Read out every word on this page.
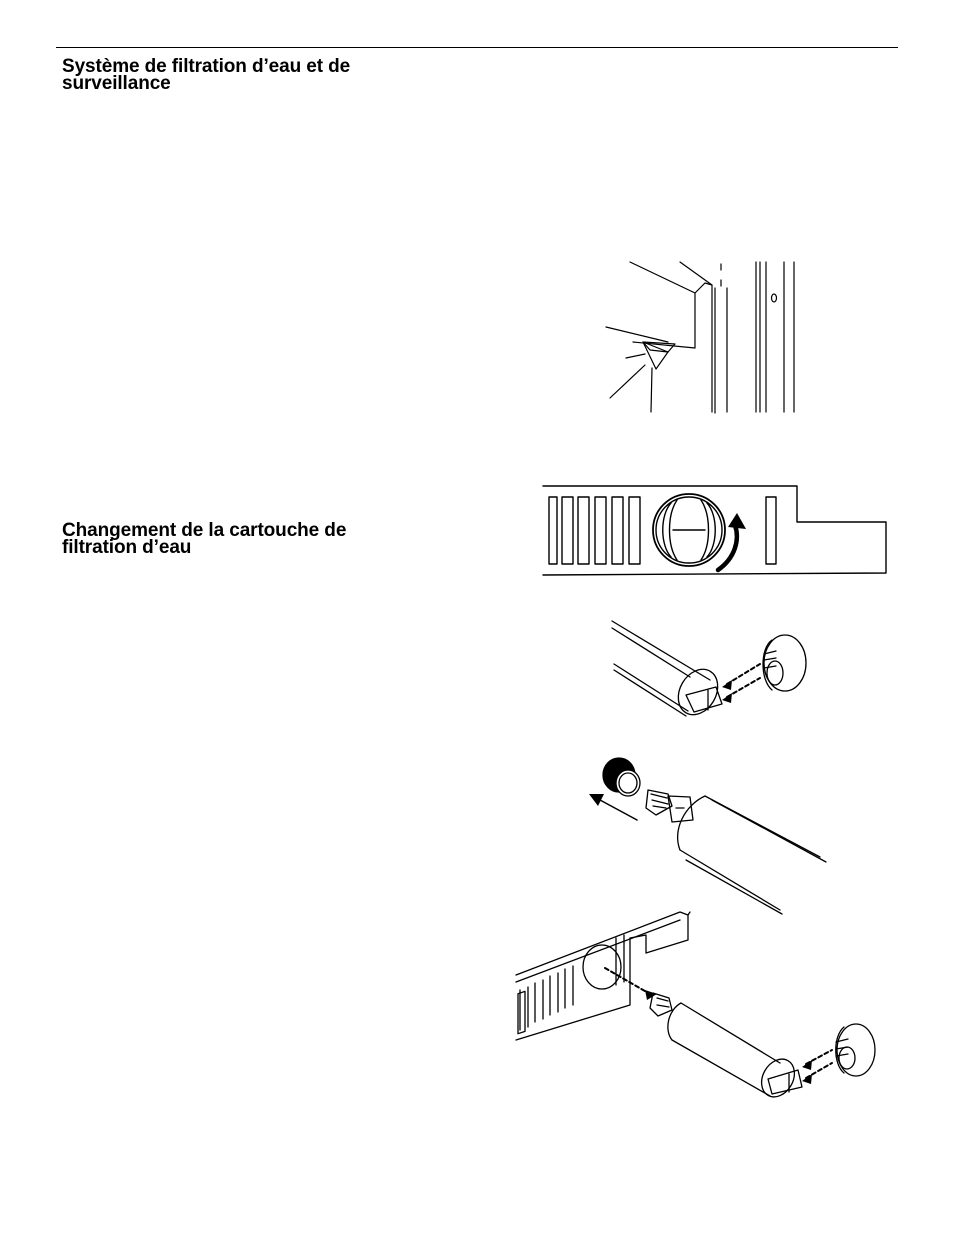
Système de filtration d’eau et de
surveillance
Changement de la cartouche de
filtration d’eau
